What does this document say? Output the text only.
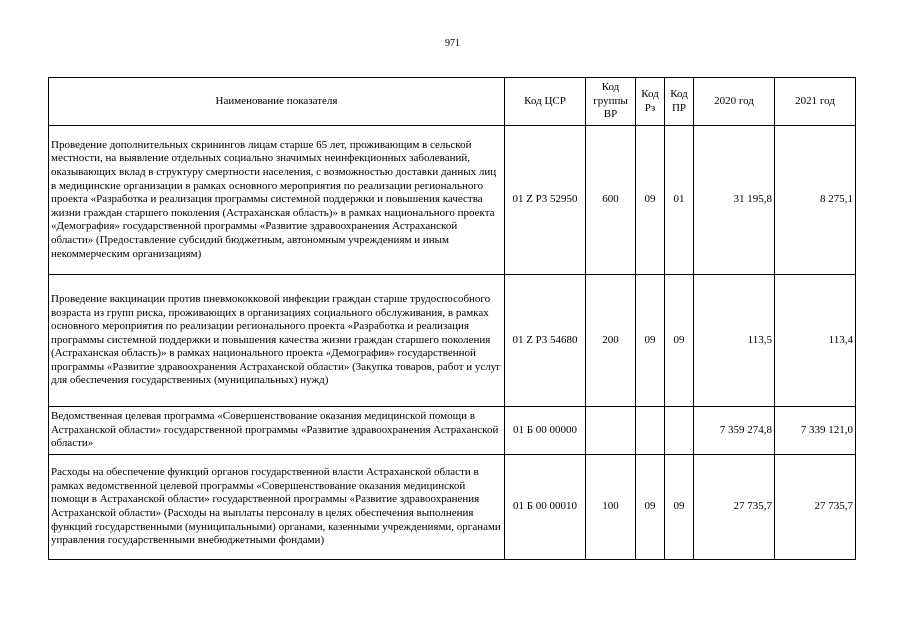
971
Наименование показателя	Код ЦСР	Код группы ВР	Код Рз	Код ПР	2020 год	2021 год
Проведение дополнительных скринингов лицам старше 65 лет, проживающим в сельской местности, на выявление отдельных социально значимых неинфекционных заболеваний, оказывающих вклад в структуру смертности населения, с возможностью доставки данных лиц в медицинские организации в рамках основного мероприятия по реализации регионального проекта «Разработка и реализация программы системной поддержки и повышения качества жизни граждан старшего поколения (Астраханская область)» в рамках национального проекта «Демография» государственной программы «Развитие здравоохранения Астраханской области» (Предоставление субсидий бюджетным, автономным учреждениям и иным некоммерческим организациям)	01 Z P3 52950	600	09	01	31 195,8	8 275,1
Проведение вакцинации против пневмококковой инфекции граждан старше трудоспособного возраста из групп риска, проживающих в организациях социального обслуживания, в рамках основного мероприятия по реализации регионального проекта «Разработка и реализация программы системной поддержки и повышения качества жизни граждан старшего поколения (Астраханская область)» в рамках национального проекта «Демография» государственной программы «Развитие здравоохранения Астраханской области» (Закупка товаров, работ и услуг для обеспечения государственных (муниципальных) нужд)	01 Z P3 54680	200	09	09	113,5	113,4
Ведомственная целевая программа «Совершенствование оказания медицинской помощи в Астраханской области» государственной программы «Развитие здравоохранения Астраханской области»	01 Б 00 00000				7 359 274,8	7 339 121,0
Расходы на обеспечение функций органов государственной власти Астраханской области в рамках ведомственной целевой программы «Совершенствование оказания медицинской помощи в Астраханской области» государственной программы «Развитие здравоохранения Астраханской области» (Расходы на выплаты персоналу в целях обеспечения выполнения функций государственными (муниципальными) органами, казенными учреждениями, органами управления государственными внебюджетными фондами)	01 Б 00 00010	100	09	09	27 735,7	27 735,7
